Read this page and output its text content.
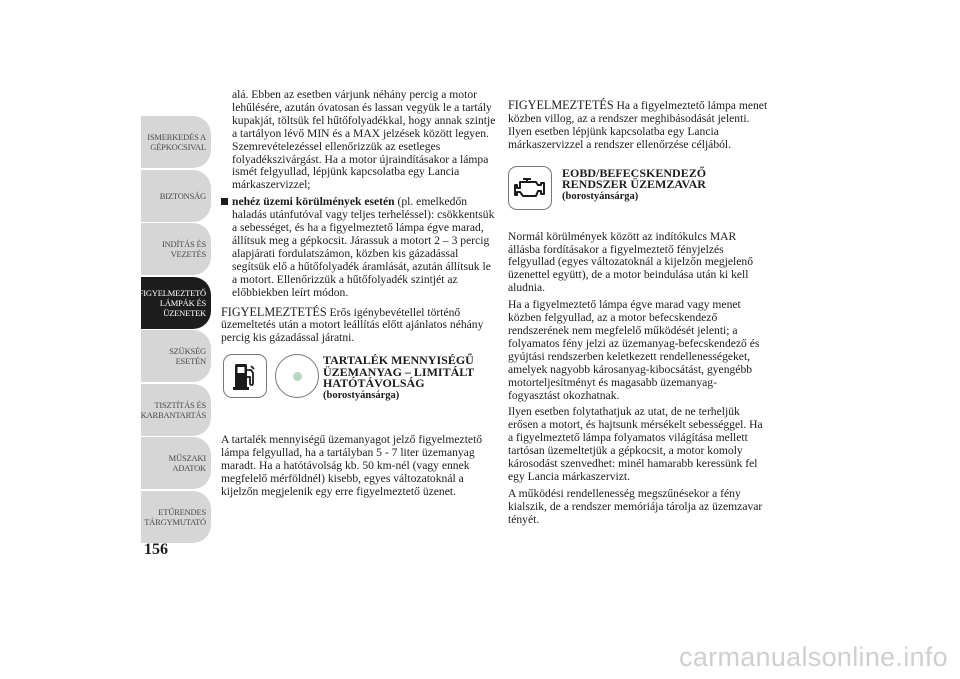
ISMERKEDÉS A
GÉPKOCSIVAL
BIZTONSÁG
INDÍTÁS ÉS
VEZETÉS
FIGYELMEZTETŐ
LÁMPÁK ÉS
ÜZENETEK
SZÜKSÉG ESETÉN
TISZTÍTÁS ÉS
KARBANTARTÁS
MŰSZAKI ADATOK
ETŰRENDES
TÁRGYMUTATÓ
156

alá. Ebben az esetben várjunk néhány percig a motor lehűlésére, azután óvatosan és lassan vegyük le a tartály kupakját, töltsük fel hűtőfolyadékkal, hogy annak szintje a tartályon lévő MIN és a MAX jelzések között legyen. Szemrevételezéssel ellenőrizzük az esetleges folyadékszivárgást. Ha a motor újraindításakor a lámpa ismét felgyullad, lépjünk kapcsolatba egy Lancia márkaszervizzel;

nehéz üzemi körülmények esetén (pl. emelkedőn haladás utánfutóval vagy teljes terheléssel): csökkentsük a sebességet, és ha a figyelmeztető lámpa égve marad, állítsuk meg a gépkocsit. Járassuk a motort 2 – 3 percig alapjárati fordulatszámon, közben kis gázadással segítsük elő a hűtőfolyadék áramlását, azután állítsuk le a motort. Ellenőrizzük a hűtőfolyadék szintjét az előbbiekben leírt módon.

FIGYELMEZTETÉS Erős igénybevétellel történő üzemeltetés után a motort leállítás előtt ajánlatos néhány percig kis gázadással járatni.

TARTALÉK MENNYISÉGŰ ÜZEMANYAG – LIMITÁLT HATÓTÁVOLSÁG
(borostyánsárga)

A tartalék mennyiségű üzemanyagot jelző figyelmeztető lámpa felgyullad, ha a tartályban 5 - 7 liter üzemanyag maradt. Ha a hatótávolság kb. 50 km-nél (vagy ennek megfelelő mérföldnél) kisebb, egyes változatoknál a kijelzőn megjelenik egy erre figyelmeztető üzenet.

FIGYELMEZTETÉS Ha a figyelmeztető lámpa menet közben villog, az a rendszer meghibásodását jelenti. Ilyen esetben lépjünk kapcsolatba egy Lancia márkaszervizzel a rendszer ellenőrzése céljából.

EOBD/BEFECSKENDEZŐ RENDSZER ÜZEMZAVAR
(borostyánsárga)

Normál körülmények között az indítókulcs MAR állásba fordításakor a figyelmeztető fényjelzés felgyullad (egyes változatoknál a kijelzőn megjelenő üzenettel együtt), de a motor beindulása után ki kell aludnia.

Ha a figyelmeztető lámpa égve marad vagy menet közben felgyullad, az a motor befecskendező rendszerének nem megfelelő működését jelenti; a folyamatos fény jelzi az üzemanyag-befecskendező és gyújtási rendszerben keletkezett rendellenességeket, amelyek nagyobb károsanyag-kibocsátást, gyengébb motorteljesítményt és magasabb üzemanyag-fogyasztást okozhatnak.

Ilyen esetben folytathatjuk az utat, de ne terheljük erősen a motort, és hajtsunk mérsékelt sebességgel. Ha a figyelmeztető lámpa folyamatos világítása mellett tartósan üzemeltetjük a gépkocsit, a motor komoly károsodást szenvedhet: minél hamarabb keressünk fel egy Lancia márkaszervizt.

A működési rendellenesség megszűnésekor a fény kialszik, de a rendszer memóriája tárolja az üzemzavar tényét.

carmanualsonline.info
